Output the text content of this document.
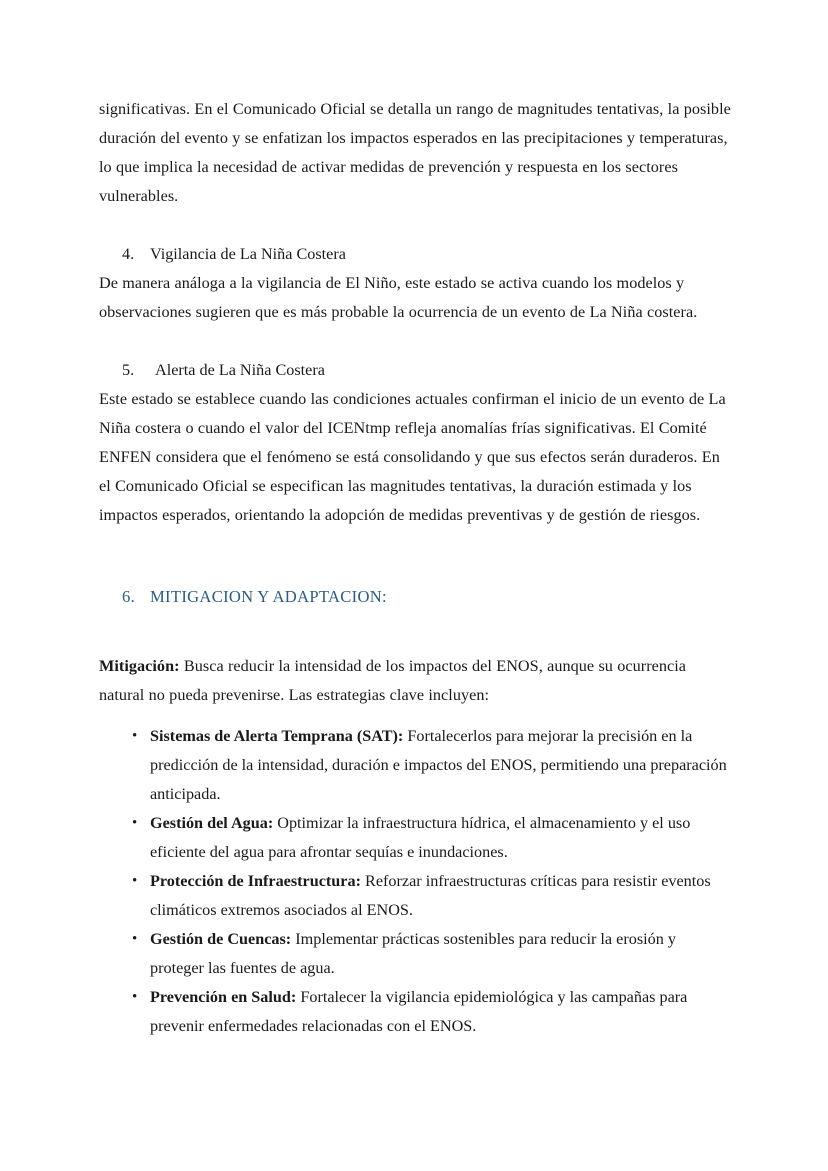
significativas. En el Comunicado Oficial se detalla un rango de magnitudes tentativas, la posible duración del evento y se enfatizan los impactos esperados en las precipitaciones y temperaturas, lo que implica la necesidad de activar medidas de prevención y respuesta en los sectores vulnerables.

4. Vigilancia de La Niña Costera

De manera análoga a la vigilancia de El Niño, este estado se activa cuando los modelos y observaciones sugieren que es más probable la ocurrencia de un evento de La Niña costera.

5.	Alerta de La Niña Costera

Este estado se establece cuando las condiciones actuales confirman el inicio de un evento de La Niña costera o cuando el valor del ICENtmp refleja anomalías frías significativas. El Comité ENFEN considera que el fenómeno se está consolidando y que sus efectos serán duraderos. En el Comunicado Oficial se especifican las magnitudes tentativas, la duración estimada y los impactos esperados, orientando la adopción de medidas preventivas y de gestión de riesgos.

6. MITIGACION Y ADAPTACION:

Mitigación: Busca reducir la intensidad de los impactos del ENOS, aunque su ocurrencia natural no pueda prevenirse. Las estrategias clave incluyen:

• Sistemas de Alerta Temprana (SAT): Fortalecerlos para mejorar la precisión en la predicción de la intensidad, duración e impactos del ENOS, permitiendo una preparación anticipada.
• Gestión del Agua: Optimizar la infraestructura hídrica, el almacenamiento y el uso eficiente del agua para afrontar sequías e inundaciones.
• Protección de Infraestructura: Reforzar infraestructuras críticas para resistir eventos climáticos extremos asociados al ENOS.
• Gestión de Cuencas: Implementar prácticas sostenibles para reducir la erosión y proteger las fuentes de agua.
• Prevención en Salud: Fortalecer la vigilancia epidemiológica y las campañas para prevenir enfermedades relacionadas con el ENOS.
